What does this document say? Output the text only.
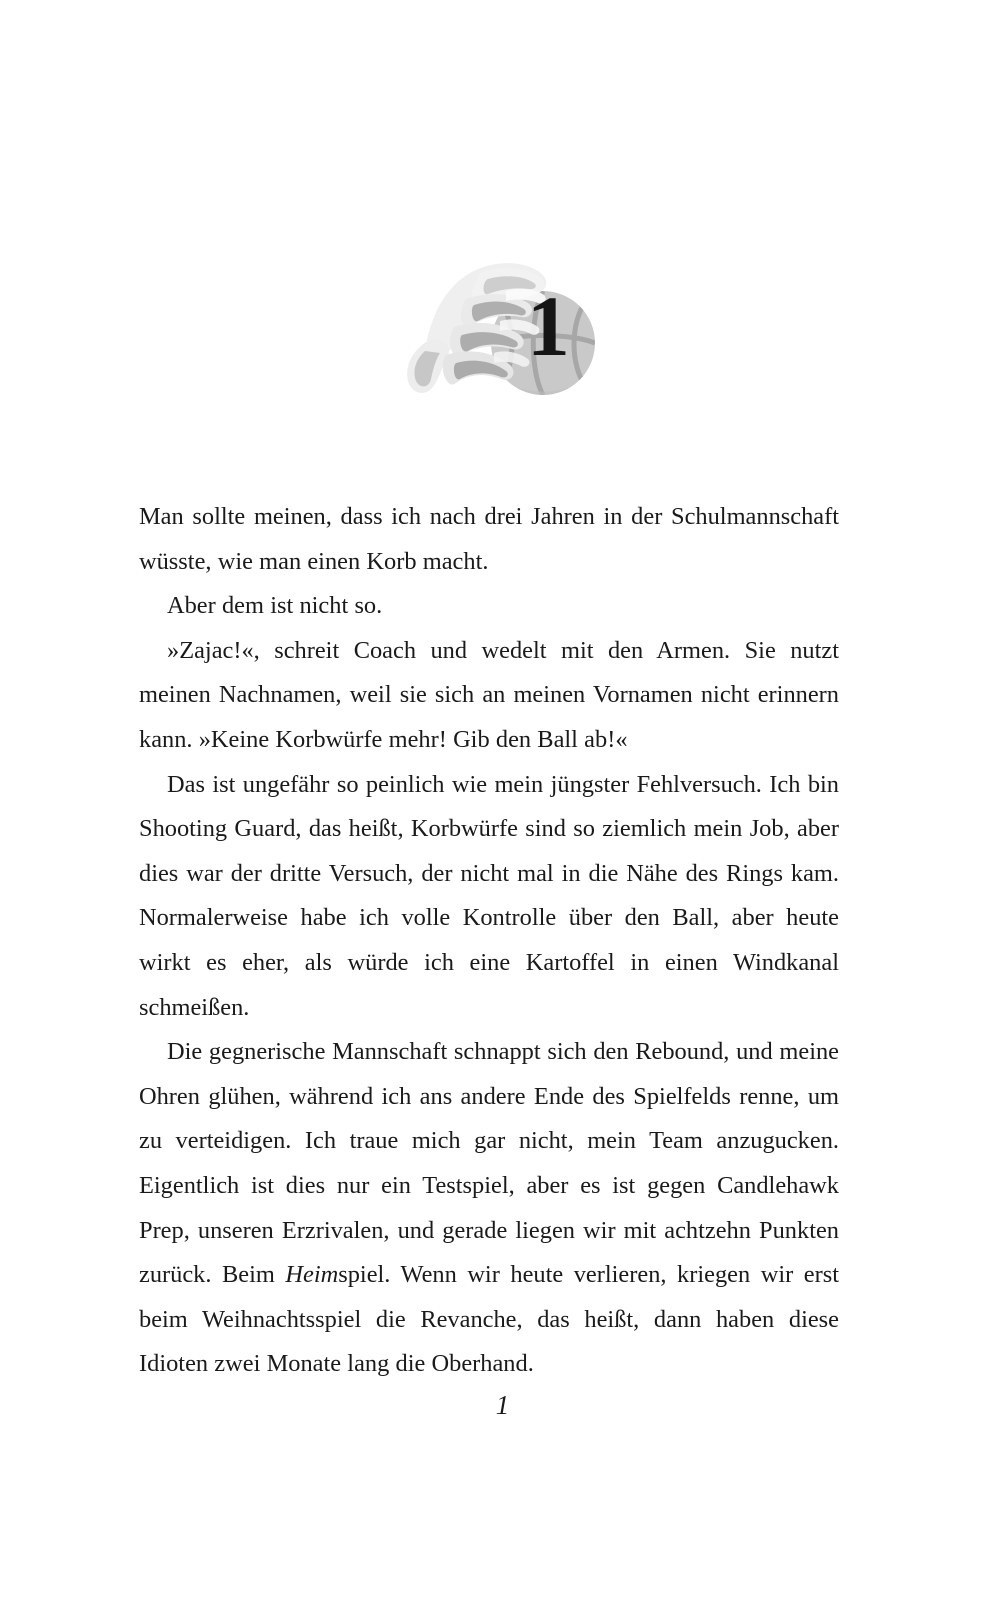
1

Man sollte meinen, dass ich nach drei Jahren in der Schulmannschaft wüsste, wie man einen Korb macht.

Aber dem ist nicht so.

»Zajac!«, schreit Coach und wedelt mit den Armen. Sie nutzt meinen Nachnamen, weil sie sich an meinen Vornamen nicht erinnern kann. »Keine Korbwürfe mehr! Gib den Ball ab!«

Das ist ungefähr so peinlich wie mein jüngster Fehlversuch. Ich bin Shooting Guard, das heißt, Korbwürfe sind so ziemlich mein Job, aber dies war der dritte Versuch, der nicht mal in die Nähe des Rings kam. Normalerweise habe ich volle Kontrolle über den Ball, aber heute wirkt es eher, als würde ich eine Kartoffel in einen Windkanal schmeißen.

Die gegnerische Mannschaft schnappt sich den Rebound, und meine Ohren glühen, während ich ans andere Ende des Spielfelds renne, um zu verteidigen. Ich traue mich gar nicht, mein Team anzugucken. Eigentlich ist dies nur ein Testspiel, aber es ist gegen Candlehawk Prep, unseren Erzrivalen, und gerade liegen wir mit achtzehn Punkten zurück. Beim Heimspiel. Wenn wir heute verlieren, kriegen wir erst beim Weihnachtsspiel die Revanche, das heißt, dann haben diese Idioten zwei Monate lang die Oberhand.

1
